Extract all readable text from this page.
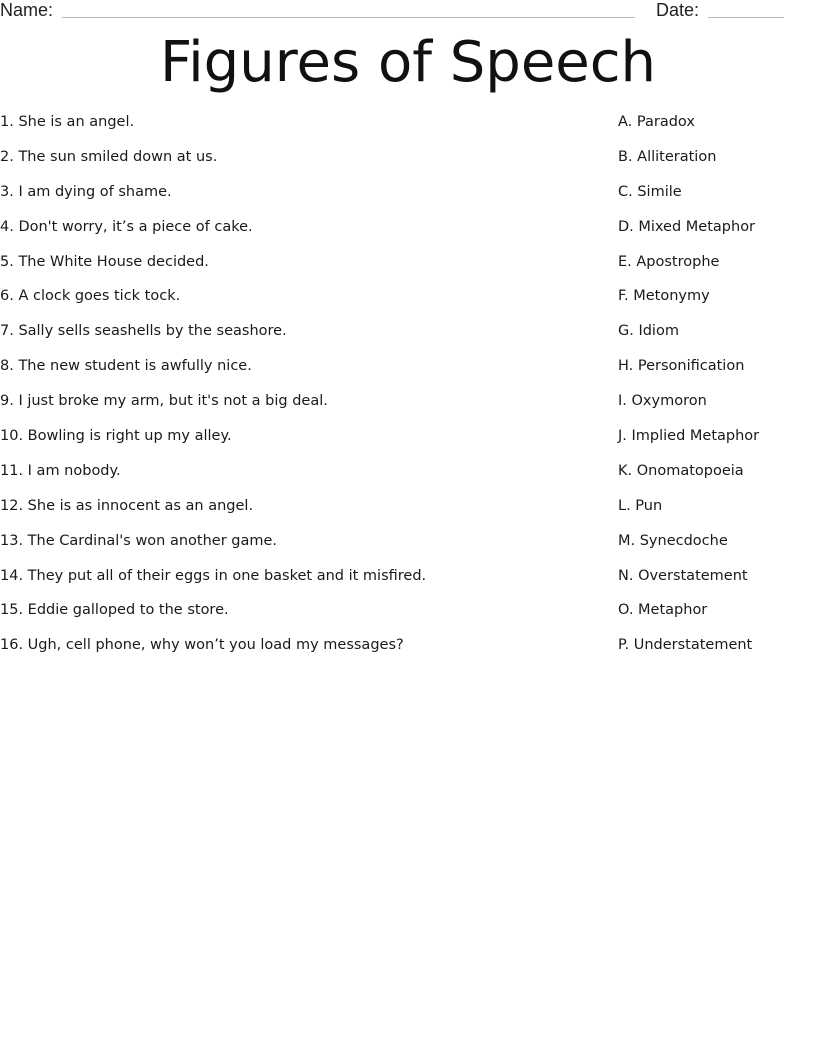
Name:	Date:
Figures of Speech
1. She is an angel.
2. The sun smiled down at us.
3. I am dying of shame.
4. Don't worry, it’s a piece of cake.
5. The White House decided.
6. A clock goes tick tock.
7. Sally sells seashells by the seashore.
8. The new student is awfully nice.
9. I just broke my arm, but it's not a big deal.
10. Bowling is right up my alley.
11. I am nobody.
12. She is as innocent as an angel.
13. The Cardinal's won another game.
14. They put all of their eggs in one basket and it misfired.
15. Eddie galloped to the store.
16. Ugh, cell phone, why won’t you load my messages?
A. Paradox
B. Alliteration
C. Simile
D. Mixed Metaphor
E. Apostrophe
F. Metonymy
G. Idiom
H. Personification
I. Oxymoron
J. Implied Metaphor
K. Onomatopoeia
L. Pun
M. Synecdoche
N. Overstatement
O. Metaphor
P. Understatement
